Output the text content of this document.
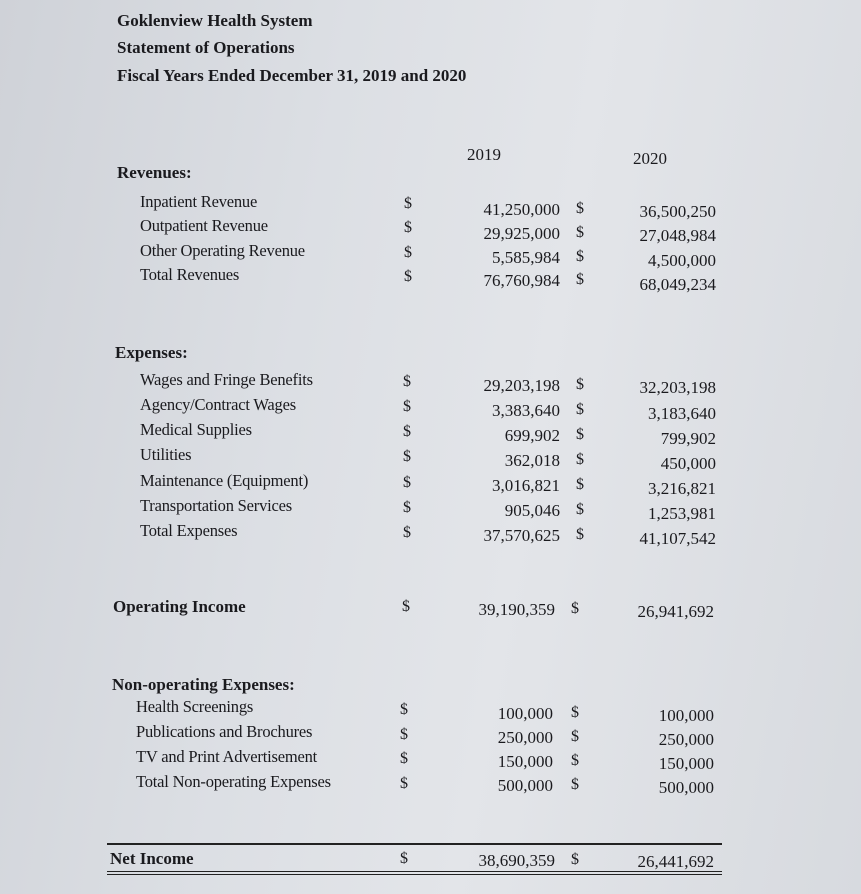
Goklenview Health System
Statement of Operations
Fiscal Years Ended December 31, 2019 and 2020
2019	2020
Revenues:
Inpatient Revenue	$	41,250,000 $	36,500,250
Outpatient Revenue	$	29,925,000 $	27,048,984
Other Operating Revenue	$	5,585,984 $	4,500,000
Total Revenues	$	76,760,984 $	68,049,234
Expenses:
Wages and Fringe Benefits	$	29,203,198 $	32,203,198
Agency/Contract Wages	$	3,383,640 $	3,183,640
Medical Supplies	$	699,902 $	799,902
Utilities	$	362,018 $	450,000
Maintenance (Equipment)	$	3,016,821 $	3,216,821
Transportation Services	$	905,046 $	1,253,981
Total Expenses	$	37,570,625 $	41,107,542
Operating Income	$	39,190,359 $	26,941,692
Non-operating Expenses:
Health Screenings	$	100,000 $	100,000
Publications and Brochures	$	250,000 $	250,000
TV and Print Advertisement	$	150,000 $	150,000
Total Non-operating Expenses	$	500,000 $	500,000
Net Income	$	38,690,359 $	26,441,692
